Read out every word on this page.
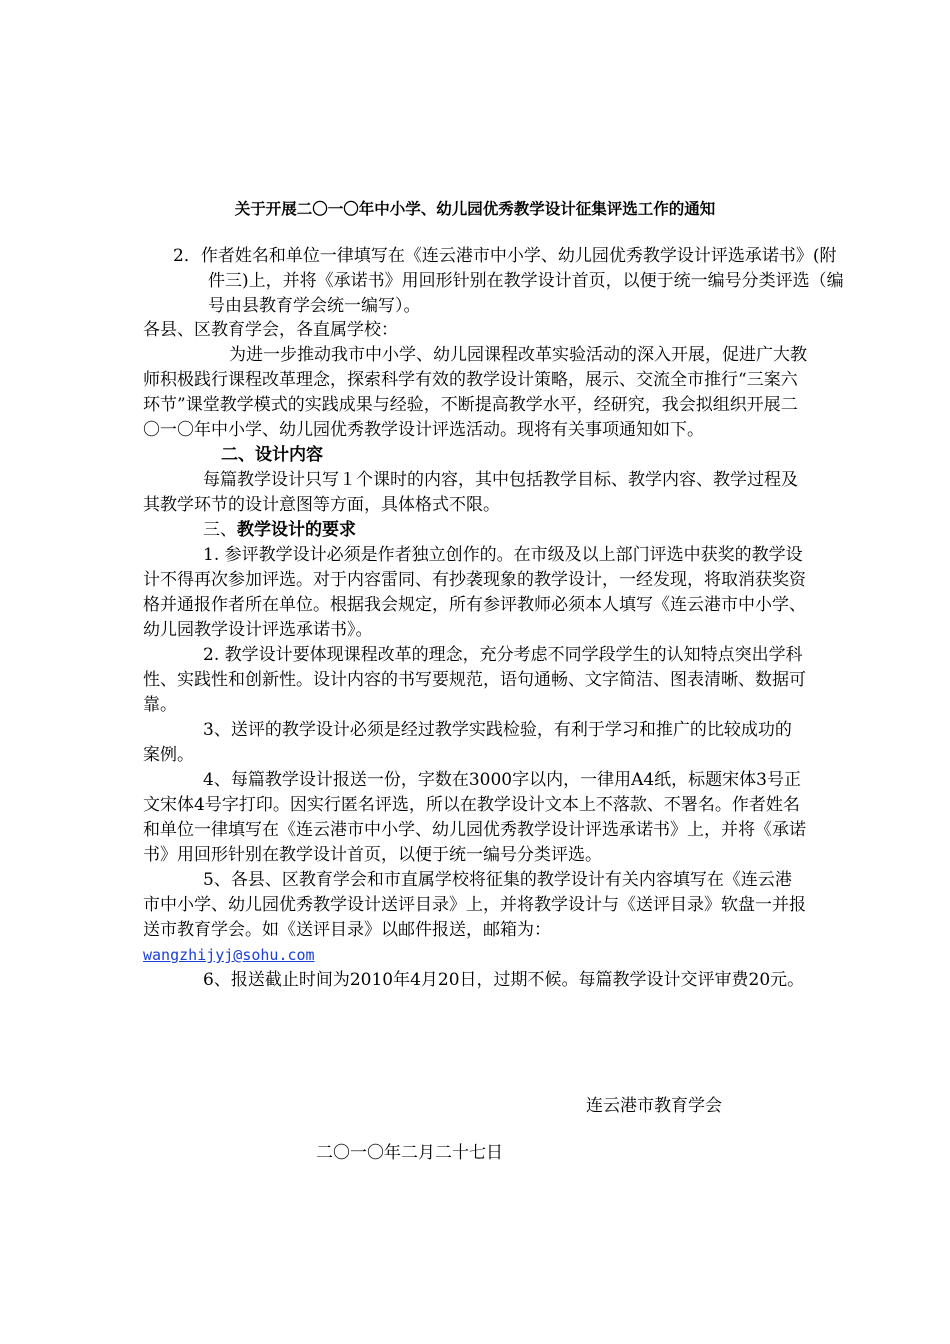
关于开展二〇一〇年中小学、幼儿园优秀教学设计征集评选工作的通知
2．作者姓名和单位一律填写在《连云港市中小学、幼儿园优秀教学设计评选承诺书》(附件三)上，并将《承诺书》用回形针别在教学设计首页，以便于统一编号分类评选（编号由县教育学会统一编写）。

各县、区教育学会，各直属学校：

为进一步推动我市中小学、幼儿园课程改革实验活动的深入开展，促进广大教师积极践行课程改革理念，探索科学有效的教学设计策略，展示、交流全市推行“三案六环节”课堂教学模式的实践成果与经验，不断提高教学水平，经研究，我会拟组织开展二〇一〇年中小学、幼儿园优秀教学设计评选活动。现将有关事项通知如下。

二、设计内容

每篇教学设计只写１个课时的内容，其中包括教学目标、教学内容、教学过程及其教学环节的设计意图等方面，具体格式不限。

三、教学设计的要求

1. 参评教学设计必须是作者独立创作的。在市级及以上部门评选中获奖的教学设计不得再次参加评选。对于内容雷同、有抄袭现象的教学设计，一经发现，将取消获奖资格并通报作者所在单位。根据我会规定，所有参评教师必须本人填写《连云港市中小学、幼儿园教学设计评选承诺书》。

2. 教学设计要体现课程改革的理念，充分考虑不同学段学生的认知特点突出学科性、实践性和创新性。设计内容的书写要规范，语句通畅、文字简洁、图表清晰、数据可靠。

3、送评的教学设计必须是经过教学实践检验，有利于学习和推广的比较成功的案例。

4、每篇教学设计报送一份，字数在3000字以内，一律用A4纸，标题宋体3号正文宋体4号字打印。因实行匿名评选，所以在教学设计文本上不落款、不署名。作者姓名和单位一律填写在《连云港市中小学、幼儿园优秀教学设计评选承诺书》上，并将《承诺书》用回形针别在教学设计首页，以便于统一编号分类评选。

5、各县、区教育学会和市直属学校将征集的教学设计有关内容填写在《连云港市中小学、幼儿园优秀教学设计送评目录》上，并将教学设计与《送评目录》软盘一并报送市教育学会。如《送评目录》以邮件报送，邮箱为：

wangzhijyj@sohu.com

6、报送截止时间为2010年4月20日，过期不候。每篇教学设计交评审费20元。

连云港市教育学会
二〇一〇年二月二十七日
